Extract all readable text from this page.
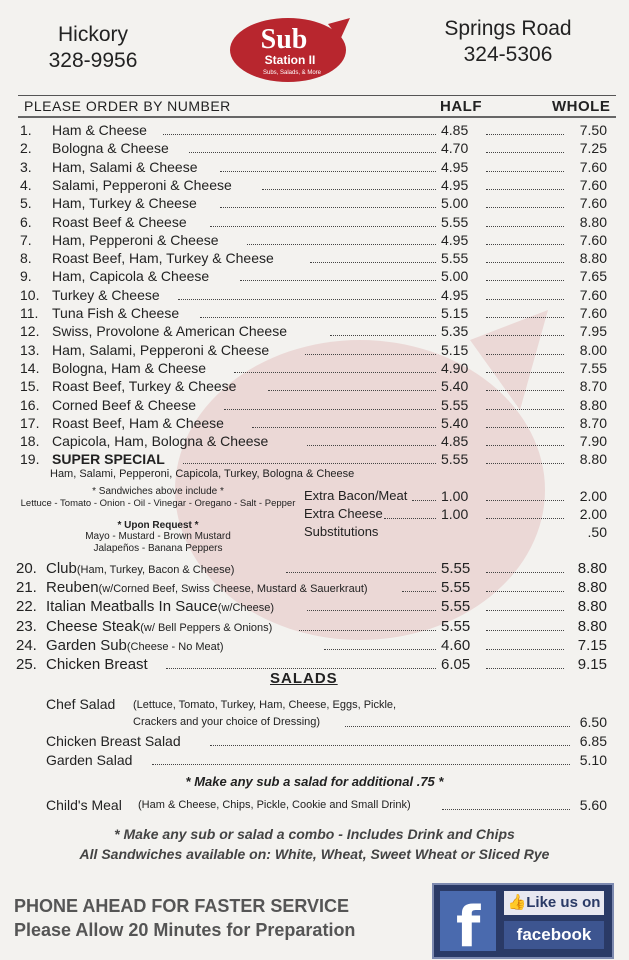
Hickory
328-9956
Sub
Station II
Subs, Salads, & More
Springs Road
324-5306
PLEASE ORDER BY NUMBER	HALF	WHOLE
1.	Ham & Cheese	4.85	7.50
2.	Bologna & Cheese	4.70	7.25
3.	Ham, Salami & Cheese	4.95	7.60
4.	Salami, Pepperoni & Cheese	4.95	7.60
5.	Ham, Turkey & Cheese	5.00	7.60
6.	Roast Beef & Cheese	5.55	8.80
7.	Ham, Pepperoni & Cheese	4.95	7.60
8.	Roast Beef, Ham, Turkey & Cheese	5.55	8.80
9.	Ham, Capicola & Cheese	5.00	7.65
10. Turkey & Cheese	4.95	7.60
11. Tuna Fish & Cheese	5.15	7.60
12. Swiss, Provolone & American Cheese	5.35	7.95
13. Ham, Salami, Pepperoni & Cheese	5.15	8.00
14. Bologna, Ham & Cheese	4.90	7.55
15. Roast Beef, Turkey & Cheese	5.40	8.70
16. Corned Beef & Cheese	5.55	8.80
17. Roast Beef, Ham & Cheese	5.40	8.70
18. Capicola, Ham, Bologna & Cheese	4.85	7.90
19. SUPER SPECIAL	5.55	8.80
Ham, Salami, Pepperoni, Capicola, Turkey, Bologna & Cheese
* Sandwiches above include *
Lettuce - Tomato - Onion - Oil - Vinegar - Oregano - Salt - Pepper
* Upon Request *
Mayo - Mustard - Brown Mustard
Jalapeños - Banana Peppers
Extra Bacon/Meat 1.00	2.00
Extra Cheese	1.00	2.00
Substitutions	.50
20. Club(Ham, Turkey, Bacon & Cheese)	5.55	8.80
21. Reuben(w/Corned Beef, Swiss Cheese, Mustard & Sauerkraut)	5.55	8.80
22. Italian Meatballs In Sauce(w/Cheese)	5.55	8.80
23. Cheese Steak(w/ Bell Peppers & Onions)	5.55	8.80
24. Garden Sub(Cheese - No Meat)	4.60	7.15
25. Chicken Breast	6.05	9.15
SALADS
Chef Salad (Lettuce, Tomato, Turkey, Ham, Cheese, Eggs, Pickle,
Crackers and your choice of Dressing)	6.50
Chicken Breast Salad	6.85
Garden Salad	5.10
* Make any sub a salad for additional .75 *
Child's Meal (Ham & Cheese, Chips, Pickle, Cookie and Small Drink)	5.60
* Make any sub or salad a combo - Includes Drink and Chips
All Sandwiches available on: White, Wheat, Sweet Wheat or Sliced Rye
PHONE AHEAD FOR FASTER SERVICE
Please Allow 20 Minutes for Preparation f 👍Like us on
facebook
